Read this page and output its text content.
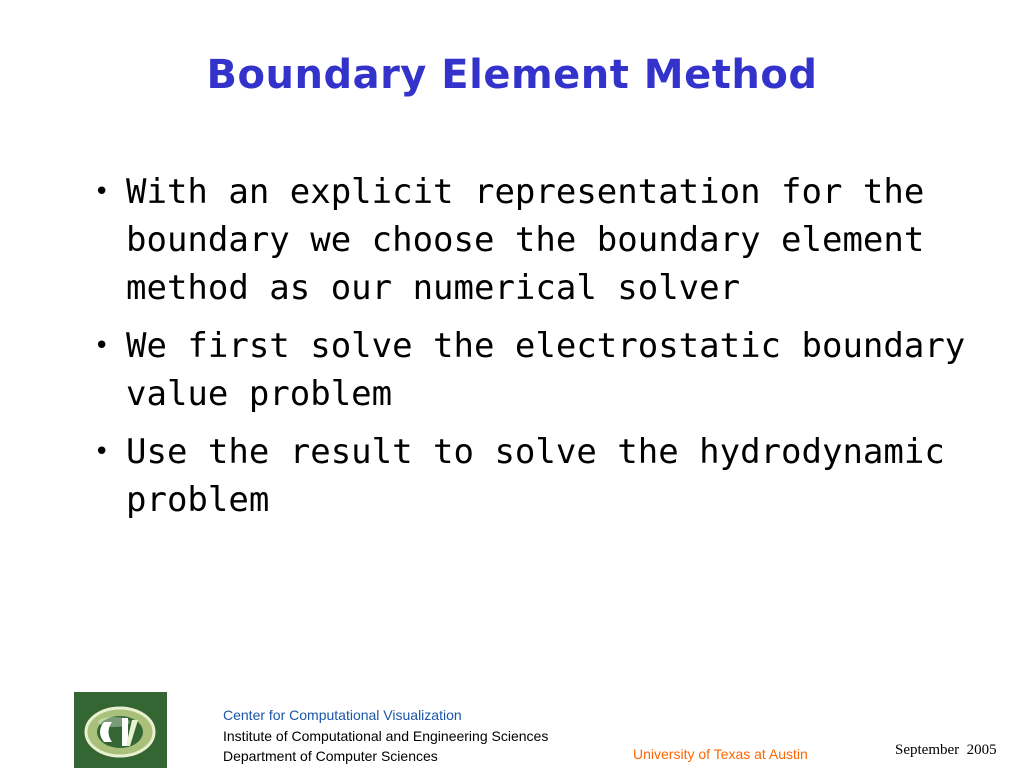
Boundary Element Method
• With an explicit representation for the boundary we choose the boundary element method as our numerical solver
• We first solve the electrostatic boundary value problem
• Use the result to solve the hydrodynamic problem
Center for Computational Visualization
Institute of Computational and Engineering Sciences
Department of Computer Sciences	University of Texas at Austin	September  2005
